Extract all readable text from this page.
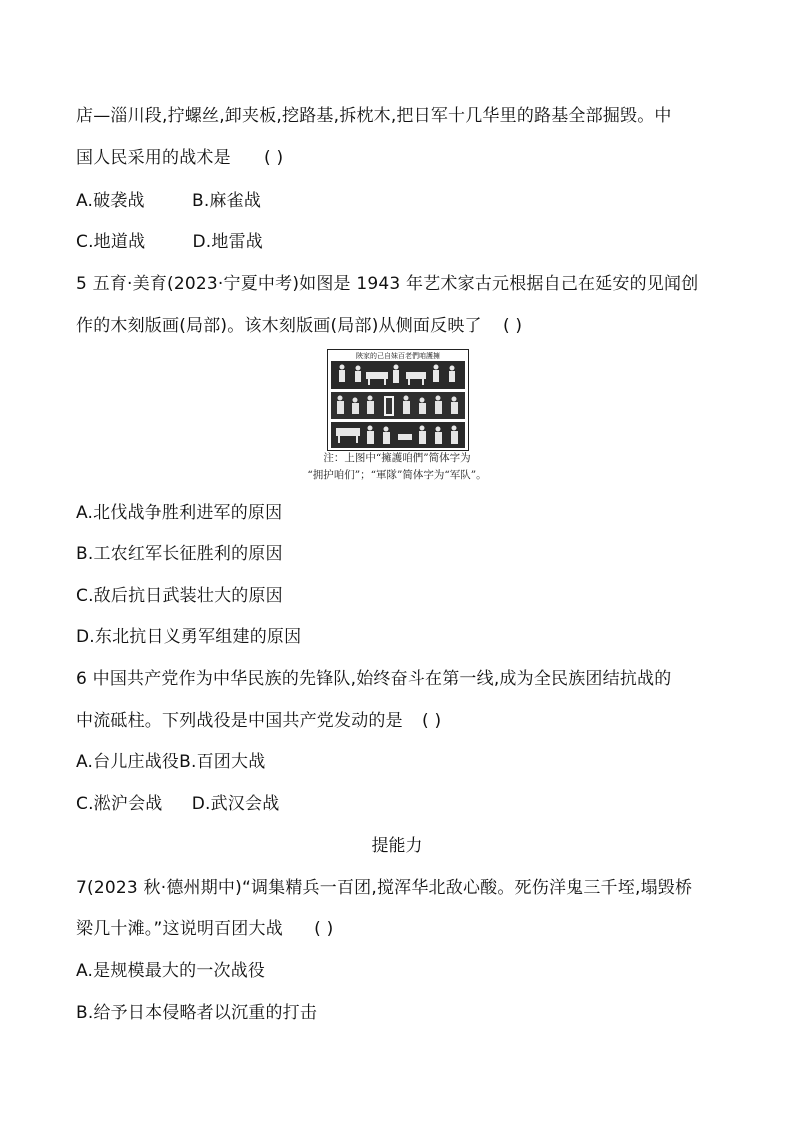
店—淄川段,拧螺丝,卸夹板,挖路基,拆枕木,把日军十几华里的路基全部掘毁。中
国人民采用的战术是 ( )
A.破袭战	B.麻雀战
C.地道战	D.地雷战
5 五育·美育(2023·宁夏中考)如图是 1943 年艺术家古元根据自己在延安的见闻创
作的木刻版画(局部)。该木刻版画(局部)从侧面反映了 ( )
陜家的己自妹百老們咱護擁
注：上图中“擁護咱們”简体字为
“拥护咱们”；“軍隊”简体字为“军队”。
A.北伐战争胜利进军的原因
B.工农红军长征胜利的原因
C.敌后抗日武装壮大的原因
D.东北抗日义勇军组建的原因
6 中国共产党作为中华民族的先锋队,始终奋斗在第一线,成为全民族团结抗战的
中流砥柱。下列战役是中国共产党发动的是 ( )
A.台儿庄战役B.百团大战
C.淞沪会战 D.武汉会战
提能力
7(2023 秋·德州期中)“调集精兵一百团,搅浑华北敌心酸。死伤洋鬼三千垤,塌毁桥
梁几十滩。”这说明百团大战 ( )
A.是规模最大的一次战役
B.给予日本侵略者以沉重的打击
